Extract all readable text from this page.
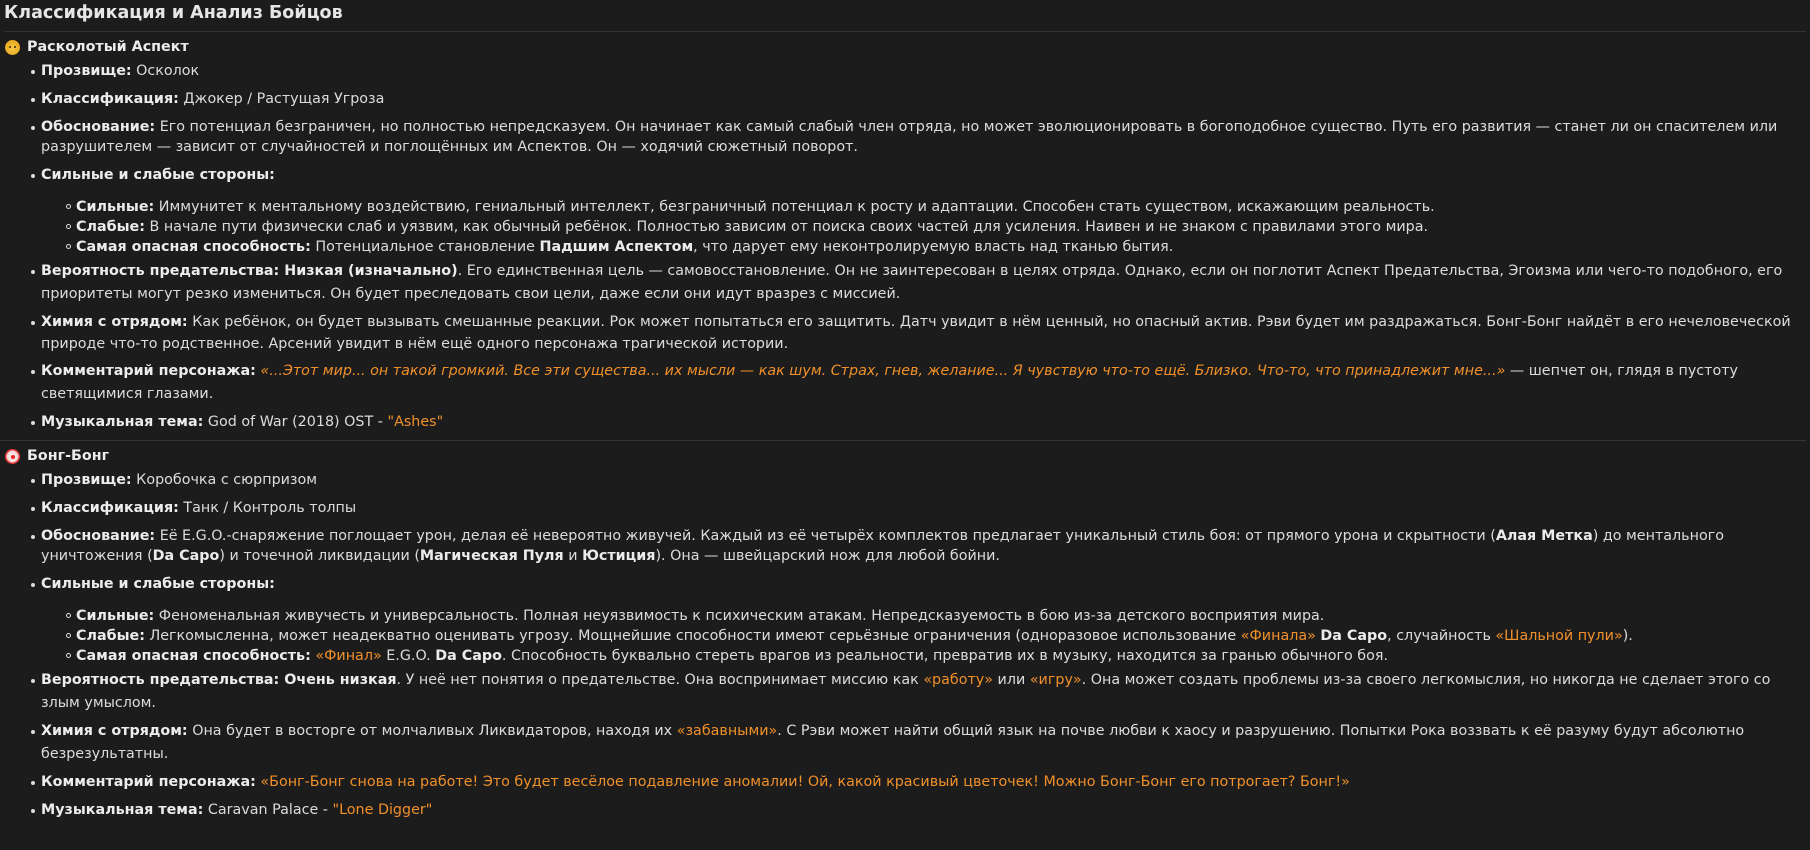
Классификация и Анализ Бойцов
Расколотый Аспект
Прозвище: Осколок
Классификация: Джокер / Растущая Угроза
Обоснование: Его потенциал безграничен, но полностью непредсказуем. Он начинает как самый слабый член отряда, но может эволюционировать в богоподобное существо. Путь его развития — станет ли он спасителем или разрушителем — зависит от случайностей и поглощённых им Аспектов. Он — ходячий сюжетный поворот.
Сильные и слабые стороны:
Сильные: Иммунитет к ментальному воздействию, гениальный интеллект, безграничный потенциал к росту и адаптации. Способен стать существом, искажающим реальность.
Слабые: В начале пути физически слаб и уязвим, как обычный ребёнок. Полностью зависим от поиска своих частей для усиления. Наивен и не знаком с правилами этого мира.
Самая опасная способность: Потенциальное становление Падшим Аспектом, что дарует ему неконтролируемую власть над тканью бытия.
Вероятность предательства: Низкая (изначально). Его единственная цель — самовосстановление. Он не заинтересован в целях отряда. Однако, если он поглотит Аспект Предательства, Эгоизма или чего-то подобного, его приоритеты могут резко измениться. Он будет преследовать свои цели, даже если они идут вразрез с миссией.
Химия с отрядом: Как ребёнок, он будет вызывать смешанные реакции. Рок может попытаться его защитить. Датч увидит в нём ценный, но опасный актив. Рэви будет им раздражаться. Бонг-Бонг найдёт в его нечеловеческой природе что-то родственное. Арсений увидит в нём ещё одного персонажа трагической истории.
Комментарий персонажа: «...Этот мир... он такой громкий. Все эти существа... их мысли — как шум. Страх, гнев, желание... Я чувствую что-то ещё. Близко. Что-то, что принадлежит мне...» — шепчет он, глядя в пустоту светящимися глазами.
Музыкальная тема: God of War (2018) OST - "Ashes"
Бонг-Бонг
Прозвище: Коробочка с сюрпризом
Классификация: Танк / Контроль толпы
Обоснование: Её E.G.O.-снаряжение поглощает урон, делая её невероятно живучей. Каждый из её четырёх комплектов предлагает уникальный стиль боя: от прямого урона и скрытности (Алая Метка) до ментального уничтожения (Da Capo) и точечной ликвидации (Магическая Пуля и Юстиция). Она — швейцарский нож для любой бойни.
Сильные и слабые стороны:
Сильные: Феноменальная живучесть и универсальность. Полная неуязвимость к психическим атакам. Непредсказуемость в бою из-за детского восприятия мира.
Слабые: Легкомысленна, может неадекватно оценивать угрозу. Мощнейшие способности имеют серьёзные ограничения (одноразовое использование «Финала» Da Capo, случайность «Шальной пули»).
Самая опасная способность: «Финал» E.G.O. Da Capo. Способность буквально стереть врагов из реальности, превратив их в музыку, находится за гранью обычного боя.
Вероятность предательства: Очень низкая. У неё нет понятия о предательстве. Она воспринимает миссию как «работу» или «игру». Она может создать проблемы из-за своего легкомыслия, но никогда не сделает этого со злым умыслом.
Химия с отрядом: Она будет в восторге от молчаливых Ликвидаторов, находя их «забавными». С Рэви может найти общий язык на почве любви к хаосу и разрушению. Попытки Рока воззвать к её разуму будут абсолютно безрезультатны.
Комментарий персонажа: «Бонг-Бонг снова на работе! Это будет весёлое подавление аномалии! Ой, какой красивый цветочек! Можно Бонг-Бонг его потрогает? Бонг!»
Музыкальная тема: Caravan Palace - "Lone Digger"
